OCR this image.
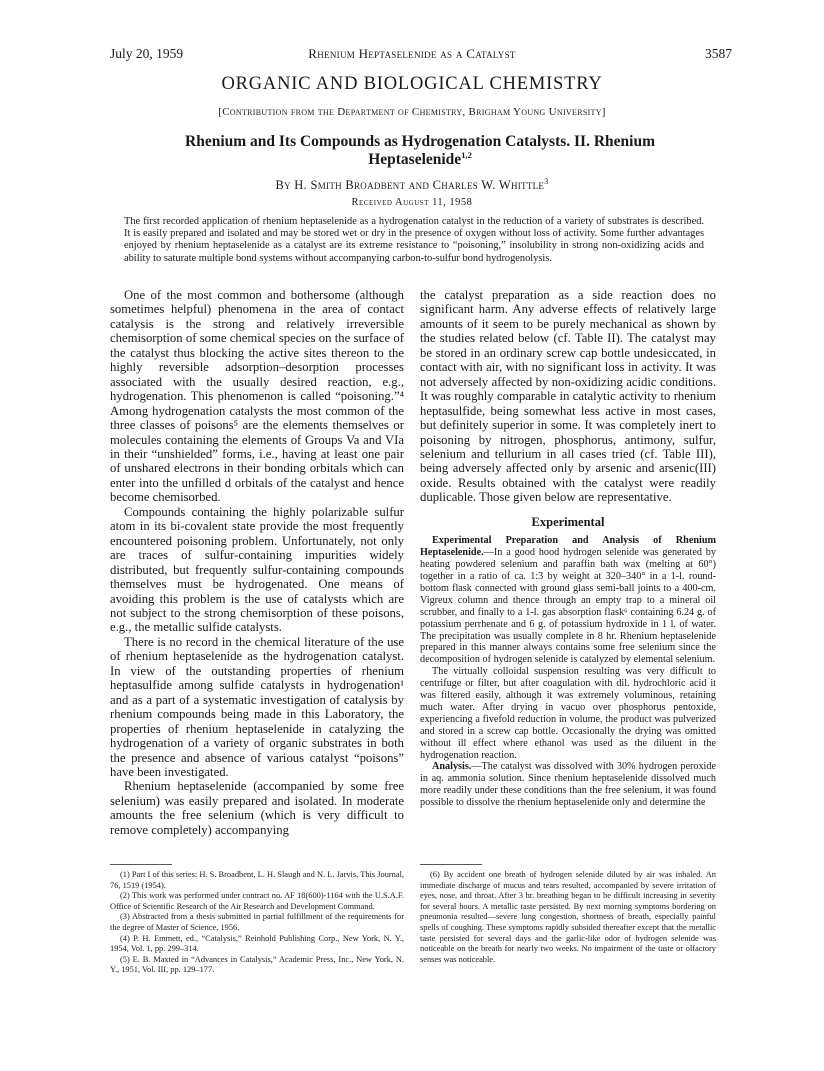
July 20, 1959	Rhenium Heptaselenide as a Catalyst	3587
ORGANIC AND BIOLOGICAL CHEMISTRY
[Contribution from the Department of Chemistry, Brigham Young University]
Rhenium and Its Compounds as Hydrogenation Catalysts. II. Rhenium Heptaselenide$^{1,2}$
By H. Smith Broadbent and Charles W. Whittle$^3$
Received August 11, 1958
The first recorded application of rhenium heptaselenide as a hydrogenation catalyst in the reduction of a variety of substrates is described. It is easily prepared and isolated and may be stored wet or dry in the presence of oxygen without loss of activity. Some further advantages enjoyed by rhenium heptaselenide as a catalyst are its extreme resistance to “poisoning,” insolubility in strong non-oxidizing acids and ability to saturate multiple bond systems without accompanying carbon-to-sulfur bond hydrogenolysis.

One of the most common and bothersome (although sometimes helpful) phenomena in the area of contact catalysis is the strong and relatively irreversible chemisorption of some chemical species on the surface of the catalyst thus blocking the active sites thereon to the highly reversible adsorption–desorption processes associated with the usually desired reaction, e.g., hydrogenation. This phenomenon is called “poisoning.”⁴ Among hydrogenation catalysts the most common of the three classes of poisons⁵ are the elements themselves or molecules containing the elements of Groups Va and VIa in their “unshielded” forms, i.e., having at least one pair of unshared electrons in their bonding orbitals which can enter into the unfilled d orbitals of the catalyst and hence become chemisorbed.

Compounds containing the highly polarizable sulfur atom in its bi-covalent state provide the most frequently encountered poisoning problem. Unfortunately, not only are traces of sulfur-containing impurities widely distributed, but frequently sulfur-containing compounds themselves must be hydrogenated. One means of avoiding this problem is the use of catalysts which are not subject to the strong chemisorption of these poisons, e.g., the metallic sulfide catalysts.

There is no record in the chemical literature of the use of rhenium heptaselenide as the hydrogenation catalyst. In view of the outstanding properties of rhenium heptasulfide among sulfide catalysts in hydrogenation¹ and as a part of a systematic investigation of catalysis by rhenium compounds being made in this Laboratory, the properties of rhenium heptaselenide in catalyzing the hydrogenation of a variety of organic substrates in both the presence and absence of various catalyst “poisons” have been investigated.

Rhenium heptaselenide (accompanied by some free selenium) was easily prepared and isolated. In moderate amounts the free selenium (which is very difficult to remove completely) accompanying

the catalyst preparation as a side reaction does no significant harm. Any adverse effects of relatively large amounts of it seem to be purely mechanical as shown by the studies related below (cf. Table II). The catalyst may be stored in an ordinary screw cap bottle undesiccated, in contact with air, with no significant loss in activity. It was not adversely affected by non-oxidizing acidic conditions. It was roughly comparable in catalytic activity to rhenium heptasulfide, being somewhat less active in most cases, but definitely superior in some. It was completely inert to poisoning by nitrogen, phosphorus, antimony, sulfur, selenium and tellurium in all cases tried (cf. Table III), being adversely affected only by arsenic and arsenic(III) oxide. Results obtained with the catalyst were readily duplicable. Those given below are representative.

Experimental

Experimental Preparation and Analysis of Rhenium Heptaselenide.—In a good hood hydrogen selenide was generated by heating powdered selenium and paraffin bath wax (melting at 60°) together in a ratio of ca. 1:3 by weight at 320–340° in a 1-l. round-bottom flask connected with ground glass semi-ball joints to a 400-cm. Vigreux column and thence through an empty trap to a mineral oil scrubber, and finally to a 1-l. gas absorption flask⁶ containing 6.24 g. of potassium perrhenate and 6 g. of potassium hydroxide in 1 l. of water. The precipitation was usually complete in 8 hr. Rhenium heptaselenide prepared in this manner always contains some free selenium since the decomposition of hydrogen selenide is catalyzed by elemental selenium.

The virtually colloidal suspension resulting was very difficult to centrifuge or filter, but after coagulation with dil. hydrochloric acid it was filtered easily, although it was extremely voluminous, retaining much water. After drying in vacuo over phosphorus pentoxide, experiencing a fivefold reduction in volume, the product was pulverized and stored in a screw cap bottle. Occasionally the drying was omitted without ill effect where ethanol was used as the diluent in the hydrogenation reaction.

Analysis.—The catalyst was dissolved with 30% hydrogen peroxide in aq. ammonia solution. Since rhenium heptaselenide dissolved much more readily under these conditions than the free selenium, it was found possible to dissolve the rhenium heptaselenide only and determine the

(1) Part I of this series: H. S. Broadbent, L. H. Slaugh and N. L. Jarvis, This Journal, 76, 1519 (1954).

(2) This work was performed under contract no. AF 18(600)-1164 with the U.S.A.F. Office of Scientific Research of the Air Research and Development Command.

(3) Abstracted from a thesis submitted in partial fulfillment of the requirements for the degree of Master of Science, 1956.

(4) P. H. Emmett, ed., “Catalysis,” Reinhold Publishing Corp., New York, N. Y., 1954, Vol. 1, pp. 299–314.

(5) E. B. Maxted in “Advances in Catalysis,” Academic Press, Inc., New York, N. Y., 1951, Vol. III, pp. 129–177.

(6) By accident one breath of hydrogen selenide diluted by air was inhaled. An immediate discharge of mucus and tears resulted, accompanied by severe irritation of eyes, nose, and throat. After 3 hr. breathing began to be difficult increasing in severity for several hours. A metallic taste persisted. By next morning symptoms bordering on pneumonia resulted—severe lung congestion, shortness of breath, especially painful spells of coughing. These symptoms rapidly subsided thereafter except that the metallic taste persisted for several days and the garlic-like odor of hydrogen selenide was noticeable on the breath for nearly two weeks. No impairment of the taste or olfactory senses was noticeable.
